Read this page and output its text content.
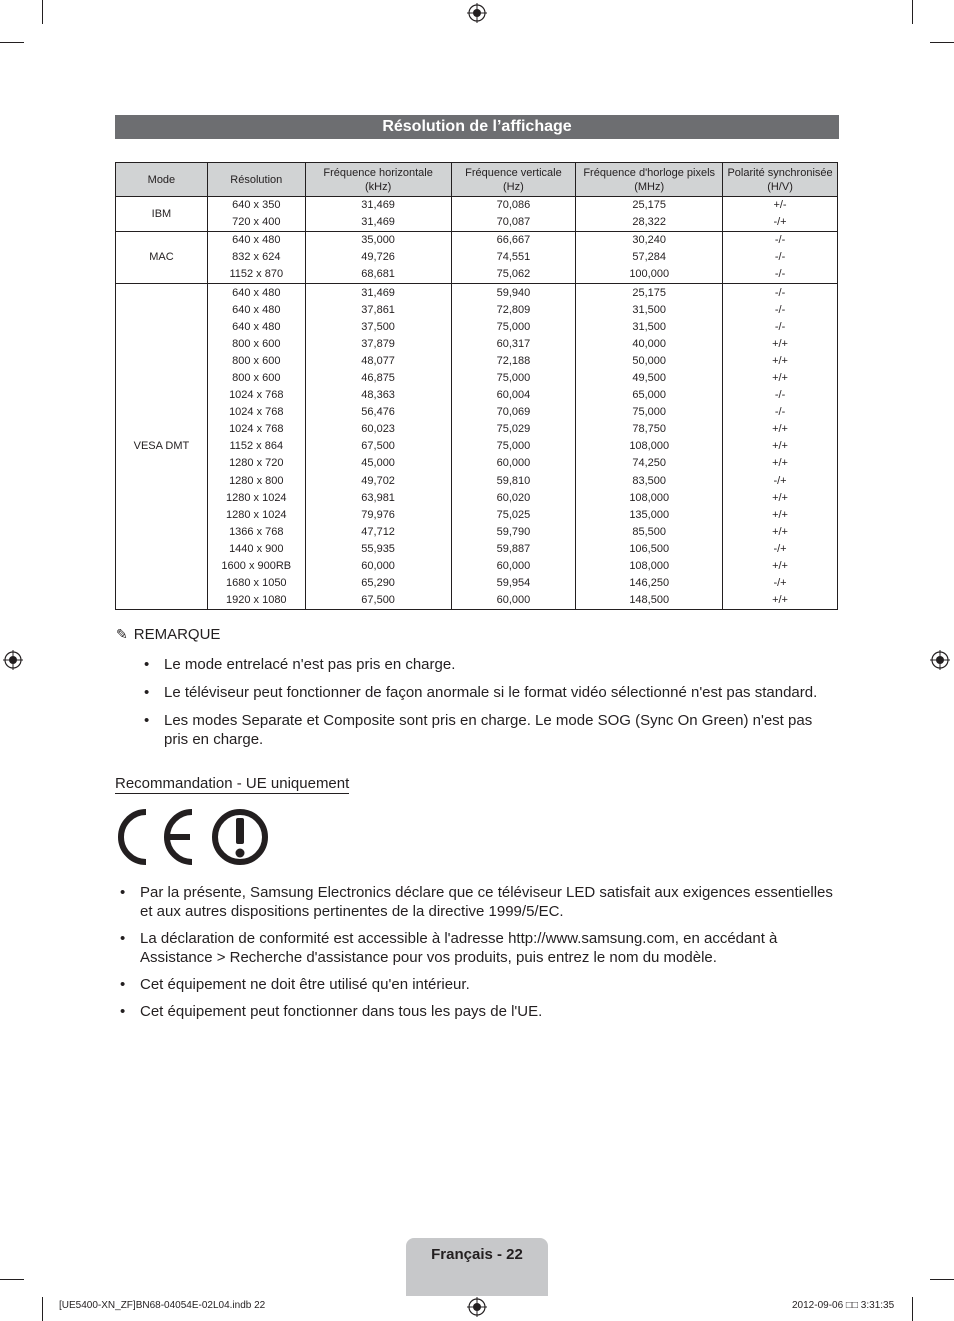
Résolution de l’affichage
Mode	Résolution	Fréquence horizontale (kHz)	Fréquence verticale (Hz)	Fréquence d'horloge pixels (MHz)	Polarité synchronisée (H/V)
IBM	640 x 350	31,469	70,086	25,175	+/-
	720 x 400	31,469	70,087	28,322	-/+
MAC	640 x 480	35,000	66,667	30,240	-/-
	832 x 624	49,726	74,551	57,284	-/-
	1152 x 870	68,681	75,062	100,000	-/-
VESA DMT	640 x 480	31,469	59,940	25,175	-/-
	640 x 480	37,861	72,809	31,500	-/-
	640 x 480	37,500	75,000	31,500	-/-
	800 x 600	37,879	60,317	40,000	+/+
	800 x 600	48,077	72,188	50,000	+/+
	800 x 600	46,875	75,000	49,500	+/+
	1024 x 768	48,363	60,004	65,000	-/-
	1024 x 768	56,476	70,069	75,000	-/-
	1024 x 768	60,023	75,029	78,750	+/+
	1152 x 864	67,500	75,000	108,000	+/+
	1280 x 720	45,000	60,000	74,250	+/+
	1280 x 800	49,702	59,810	83,500	-/+
	1280 x 1024	63,981	60,020	108,000	+/+
	1280 x 1024	79,976	75,025	135,000	+/+
	1366 x 768	47,712	59,790	85,500	+/+
	1440 x 900	55,935	59,887	106,500	-/+
	1600 x 900RB	60,000	60,000	108,000	+/+
	1680 x 1050	65,290	59,954	146,250	-/+
	1920 x 1080	67,500	60,000	148,500	+/+
✎ REMARQUE
• Le mode entrelacé n'est pas pris en charge.
• Le téléviseur peut fonctionner de façon anormale si le format vidéo sélectionné n'est pas standard.
• Les modes Separate et Composite sont pris en charge. Le mode SOG (Sync On Green) n'est pas pris en charge.
Recommandation - UE uniquement
• Par la présente, Samsung Electronics déclare que ce téléviseur LED satisfait aux exigences essentielles et aux autres dispositions pertinentes de la directive 1999/5/EC.
• La déclaration de conformité est accessible à l'adresse http://www.samsung.com, en accédant à Assistance > Recherche d'assistance pour vos produits, puis entrez le nom du modèle.
• Cet équipement ne doit être utilisé qu'en intérieur.
• Cet équipement peut fonctionner dans tous les pays de l'UE.
Français - 22
[UE5400-XN_ZF]BN68-04054E-02L04.indb 22	2012-09-06 □□ 3:31:35
